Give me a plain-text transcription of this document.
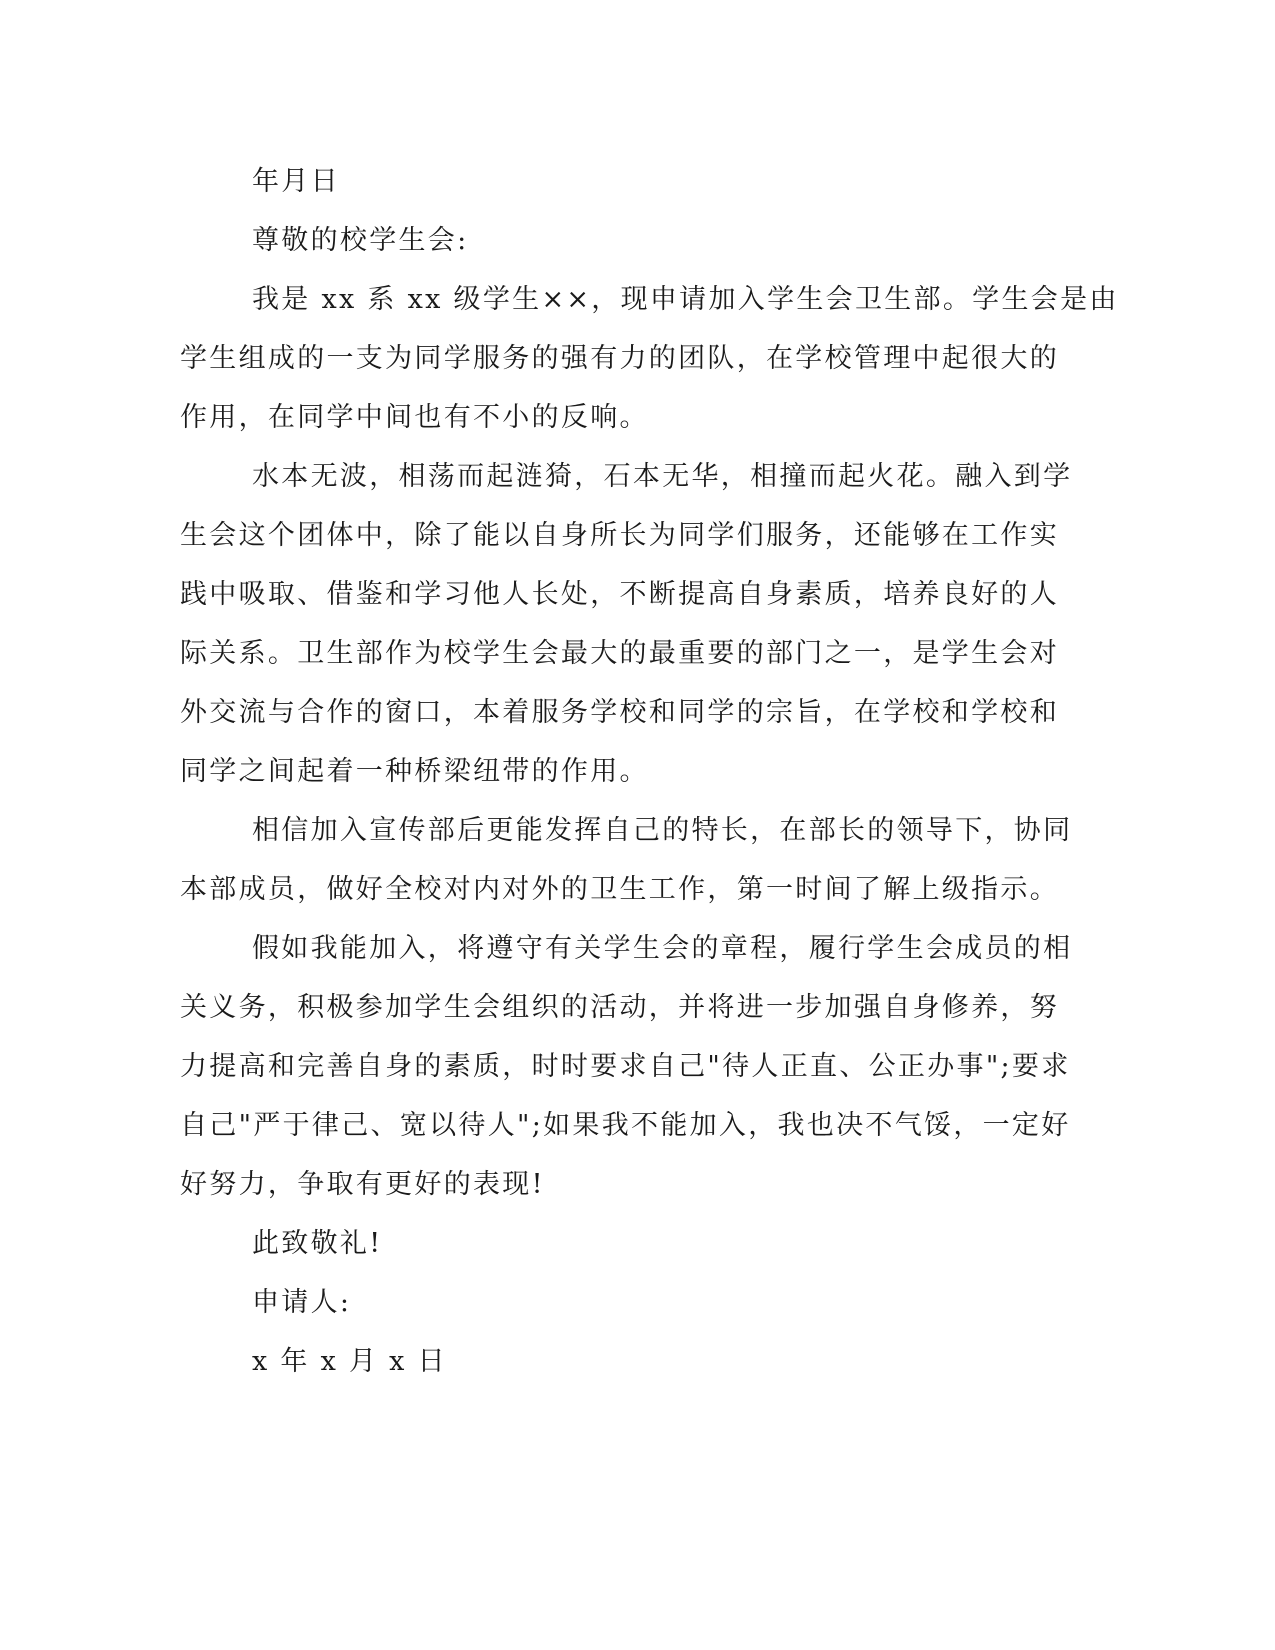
年月日

尊敬的校学生会:

我是 xx 系 xx 级学生××，现申请加入学生会卫生部。学生会是由

学生组成的一支为同学服务的强有力的团队，在学校管理中起很大的

作用，在同学中间也有不小的反响。

水本无波，相荡而起涟猗，石本无华，相撞而起火花。融入到学

生会这个团体中，除了能以自身所长为同学们服务，还能够在工作实

践中吸取、借鉴和学习他人长处，不断提高自身素质，培养良好的人

际关系。卫生部作为校学生会最大的最重要的部门之一，是学生会对

外交流与合作的窗口，本着服务学校和同学的宗旨，在学校和学校和

同学之间起着一种桥梁纽带的作用。

相信加入宣传部后更能发挥自己的特长，在部长的领导下，协同

本部成员，做好全校对内对外的卫生工作，第一时间了解上级指示。

假如我能加入，将遵守有关学生会的章程，履行学生会成员的相

关义务，积极参加学生会组织的活动，并将进一步加强自身修养，努

力提高和完善自身的素质，时时要求自己"待人正直、公正办事";要求

自己"严于律己、宽以待人";如果我不能加入，我也决不气馁，一定好

好努力，争取有更好的表现!

此致敬礼!

申请人:

x 年 x 月 x 日
